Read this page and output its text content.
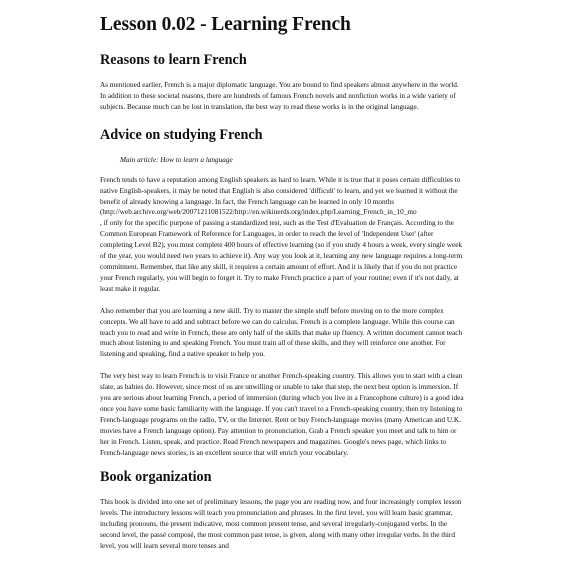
Lesson 0.02 - Learning French
Reasons to learn French

As mentioned earlier, French is a major diplomatic language. You are bound to find speakers almost anywhere in the world. In addition to these societal reasons, there are hundreds of famous French novels and nonfiction works in a wide variety of subjects. Because much can be lost in translation, the best way to read these works is in the original language.

Advice on studying French
Main article: How to learn a language

French tends to have a reputation among English speakers as hard to learn. While it is true that it poses certain difficulties to native English-speakers, it may be noted that English is also considered 'difficult' to learn, and yet we learned it without the benefit of already knowing a language. In fact, the French language can be learned in only 10 months
(http://web.archive.org/web/20071211081522/http://en.wikinerds.org/index.php/Learning_French_in_10_mo
, if only for the specific purpose of passing a standardized test, such as the Test d'Evaluation de Français. According to the Common European Framework of Reference for Languages, in order to reach the level of 'Independent User' (after completing Level B2), you must complete 400 hours of effective learning (so if you study 4 hours a week, every single week of the year, you would need two years to achieve it). Any way you look at it, learning any new language requires a long-term commitment. Remember, that like any skill, it requires a certain amount of effort. And it is likely that if you do not practice your French regularly, you will begin to forget it. Try to make French practice a part of your routine; even if it's not daily, at least make it regular.

Also remember that you are learning a new skill. Try to master the simple stuff before moving on to the more complex concepts. We all have to add and subtract before we can do calculus. French is a complete language. While this course can teach you to read and write in French, these are only half of the skills that make up fluency. A written document cannot teach much about listening to and speaking French. You must train all of these skills, and they will reinforce one another. For listening and speaking, find a native speaker to help you.

The very best way to learn French is to visit France or another French-speaking country. This allows you to start with a clean slate, as babies do. However, since most of us are unwilling or unable to take that step, the next best option is immersion. If you are serious about learning French, a period of immersion (during which you live in a Francophone culture) is a good idea once you have some basic familiarity with the language. If you can't travel to a French-speaking country, then try listening to French-language programs on the radio, TV, or the Internet. Rent or buy French-language movies (many American and U.K. movies have a French language option). Pay attention to pronunciation. Grab a French speaker you meet and talk to him or her in French. Listen, speak, and practice. Read French newspapers and magazines. Google's news page, which links to French-language news stories, is an excellent source that will enrich your vocabulary.

Book organization

This book is divided into one set of preliminary lessons, the page you are reading now, and four increasingly complex lesson levels. The introductory lessons will teach you pronunciation and phrases. In the first level, you will learn basic grammar, including pronouns, the present indicative, most common present tense, and several irregularly-conjugated verbs. In the second level, the passé composé, the most common past tense, is given, along with many other irregular verbs. In the third level, you will learn several more tenses and
